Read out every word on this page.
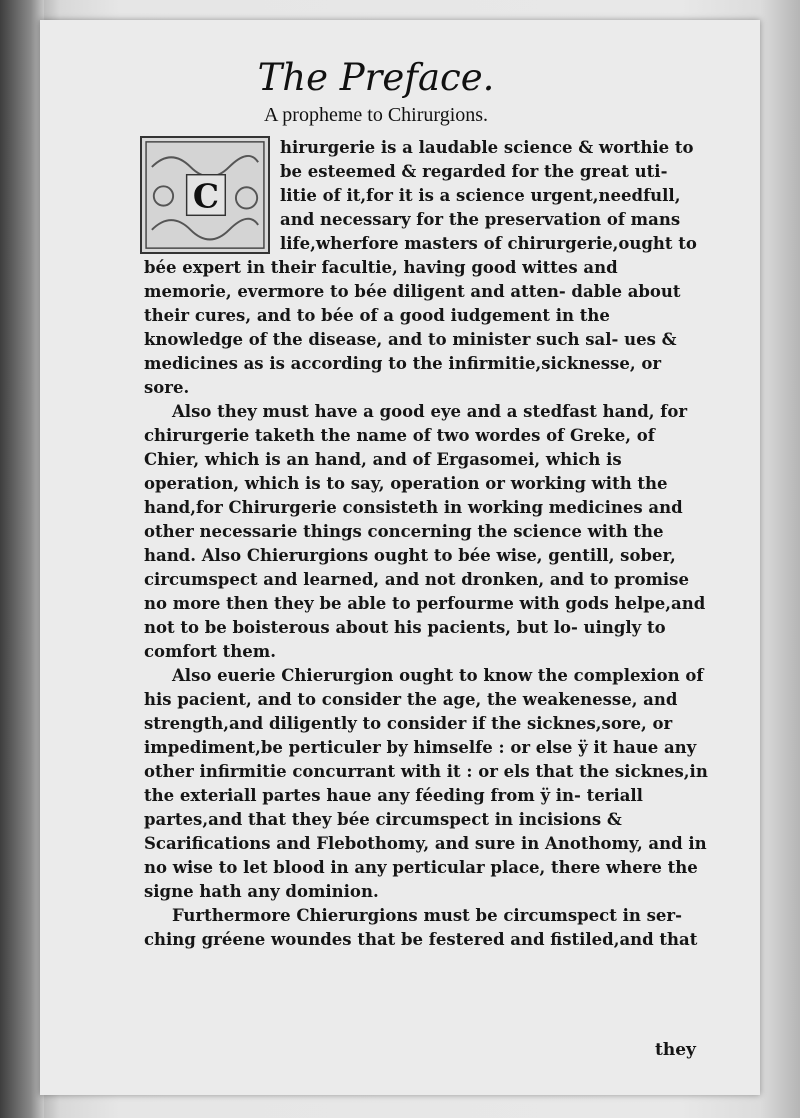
The Preface.
A propheme to Chirurgions.
C

hirurgerie is a laudable science & worthie to be esteemed & regarded for the great uti- litie of it,for it is a science urgent,needfull, and necessary for the preservation of mans life,wherfore masters of chirurgerie,ought to bée expert in their facultie, having good wittes and memorie, evermore to bée diligent and atten- dable about their cures, and to bée of a good iudgement in the knowledge of the disease, and to minister such sal- ues & medicines as is according to the infirmitie,sicknesse, or sore.

Also they must have a good eye and a stedfast hand, for chirurgerie taketh the name of two wordes of Greke, of Chier, which is an hand, and of Ergasomei, which is operation, which is to say, operation or working with the hand,for Chirurgerie consisteth in working medicines and other necessarie things concerning the science with the hand. Also Chierurgions ought to bée wise, gentill, sober, circumspect and learned, and not dronken, and to promise no more then they be able to perfourme with gods helpe,and not to be boisterous about his pacients, but lo- uingly to comfort them.

Also euerie Chierurgion ought to know the complexion of his pacient, and to consider the age, the weakenesse, and strength,and diligently to consider if the sicknes,sore, or impediment,be perticuler by himselfe : or else ÿ it haue any other infirmitie concurrant with it : or els that the sicknes,in the exteriall partes haue any féeding from ÿ in- teriall partes,and that they bée circumspect in incisions & Scarifications and Flebothomy, and sure in Anothomy, and in no wise to let blood in any perticular place, there where the signe hath any dominion.

Furthermore Chierurgions must be circumspect in ser- ching gréene woundes that be festered and fistiled,and that

they
